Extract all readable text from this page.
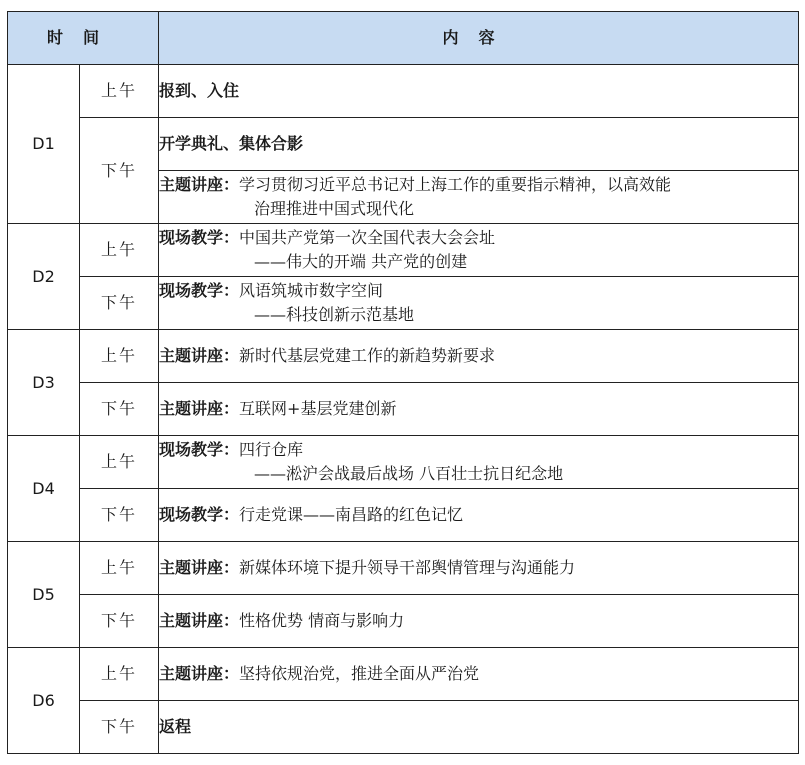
时间		内容
D1	上午	报到、入住

	下午	开学典礼、集体合影

		主题讲座：学习贯彻习近平总书记对上海工作的重要指示精神，以高效能
治理推进中国式现代化

D2	上午	现场教学：中国共产党第一次全国代表大会会址
——伟大的开端 共产党的创建

	下午	现场教学：风语筑城市数字空间
——科技创新示范基地

D3	上午	主题讲座：新时代基层党建工作的新趋势新要求

	下午	主题讲座：互联网+基层党建创新

D4	上午	现场教学：四行仓库
——淞沪会战最后战场 八百壮士抗日纪念地

	下午	现场教学：行走党课——南昌路的红色记忆

D5	上午	主题讲座：新媒体环境下提升领导干部舆情管理与沟通能力

	下午	主题讲座：性格优势 情商与影响力

D6	上午	主题讲座：坚持依规治党，推进全面从严治党

	下午	返程
